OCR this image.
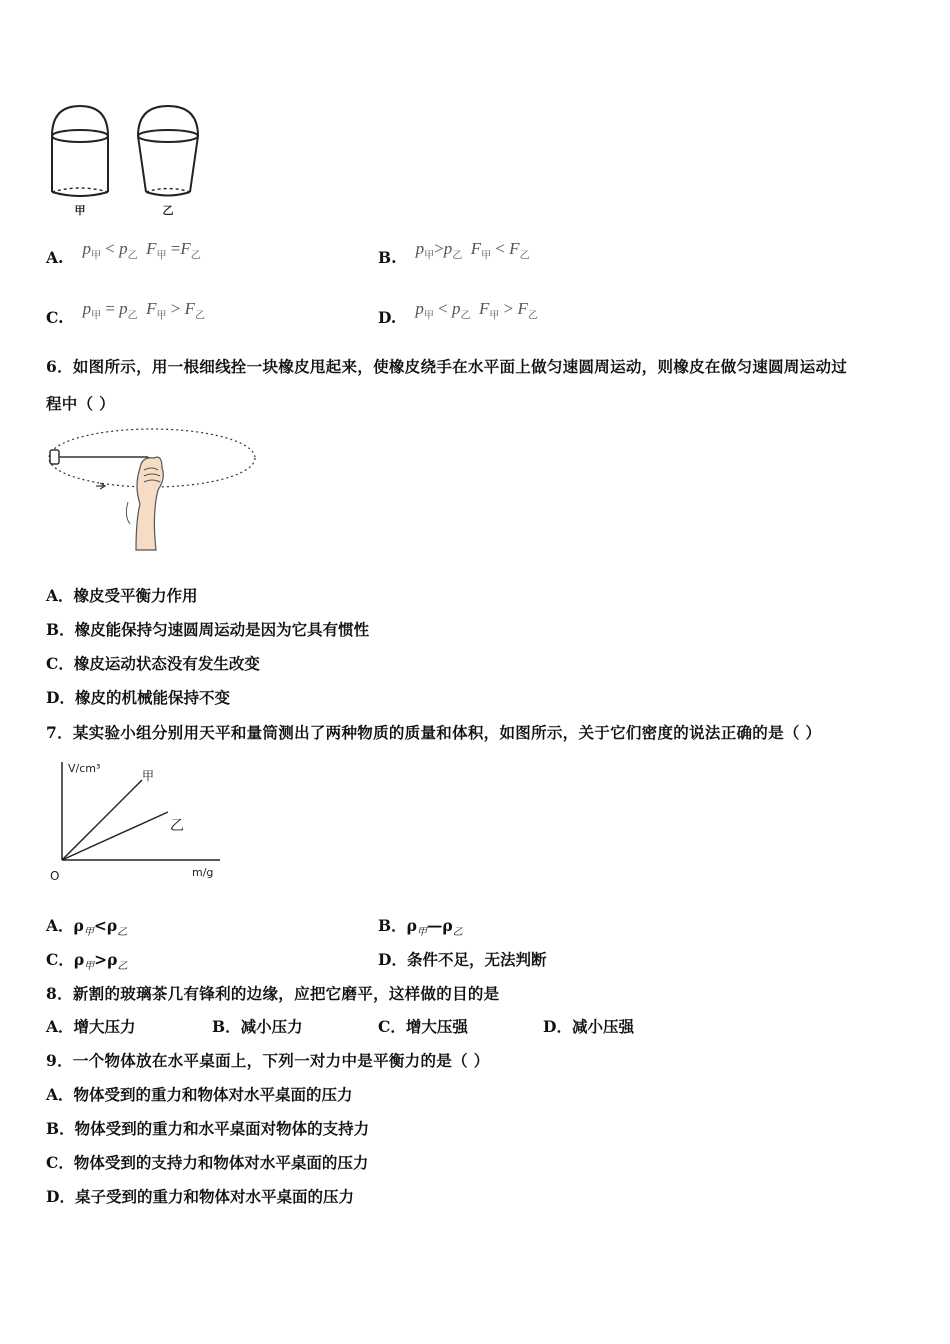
甲	乙
A. $p_甲 < p_乙$ $F_甲 =F_乙$	B. $p_甲>p_乙$ $F_甲 < F_乙$
C. $p_甲 = p_乙$ $F_甲 > F_乙$	D. $p_甲 < p_乙$ $F_甲 > F_乙$
6．如图所示，用一根细线拴一块橡皮甩起来，使橡皮绕手在水平面上做匀速圆周运动，则橡皮在做匀速圆周运动过
程中（ ）
A．橡皮受平衡力作用
B．橡皮能保持匀速圆周运动是因为它具有惯性
C．橡皮运动状态没有发生改变
D．橡皮的机械能保持不变
7．某实验小组分别用天平和量筒测出了两种物质的质量和体积，如图所示，关于它们密度的说法正确的是（ ）
V/cm³
m/g
O
甲
乙
A．$\rho_甲<\rho_乙$	B．$\rho_甲—\rho_乙$
C．$\rho_甲>\rho_乙$	D．条件不足，无法判断
8．新割的玻璃茶几有锋利的边缘，应把它磨平，这样做的目的是
A．增大压力	B．减小压力	C．增大压强	D．减小压强
9．一个物体放在水平桌面上，下列一对力中是平衡力的是（ ）
A．物体受到的重力和物体对水平桌面的压力
B．物体受到的重力和水平桌面对物体的支持力
C．物体受到的支持力和物体对水平桌面的压力
D．桌子受到的重力和物体对水平桌面的压力
